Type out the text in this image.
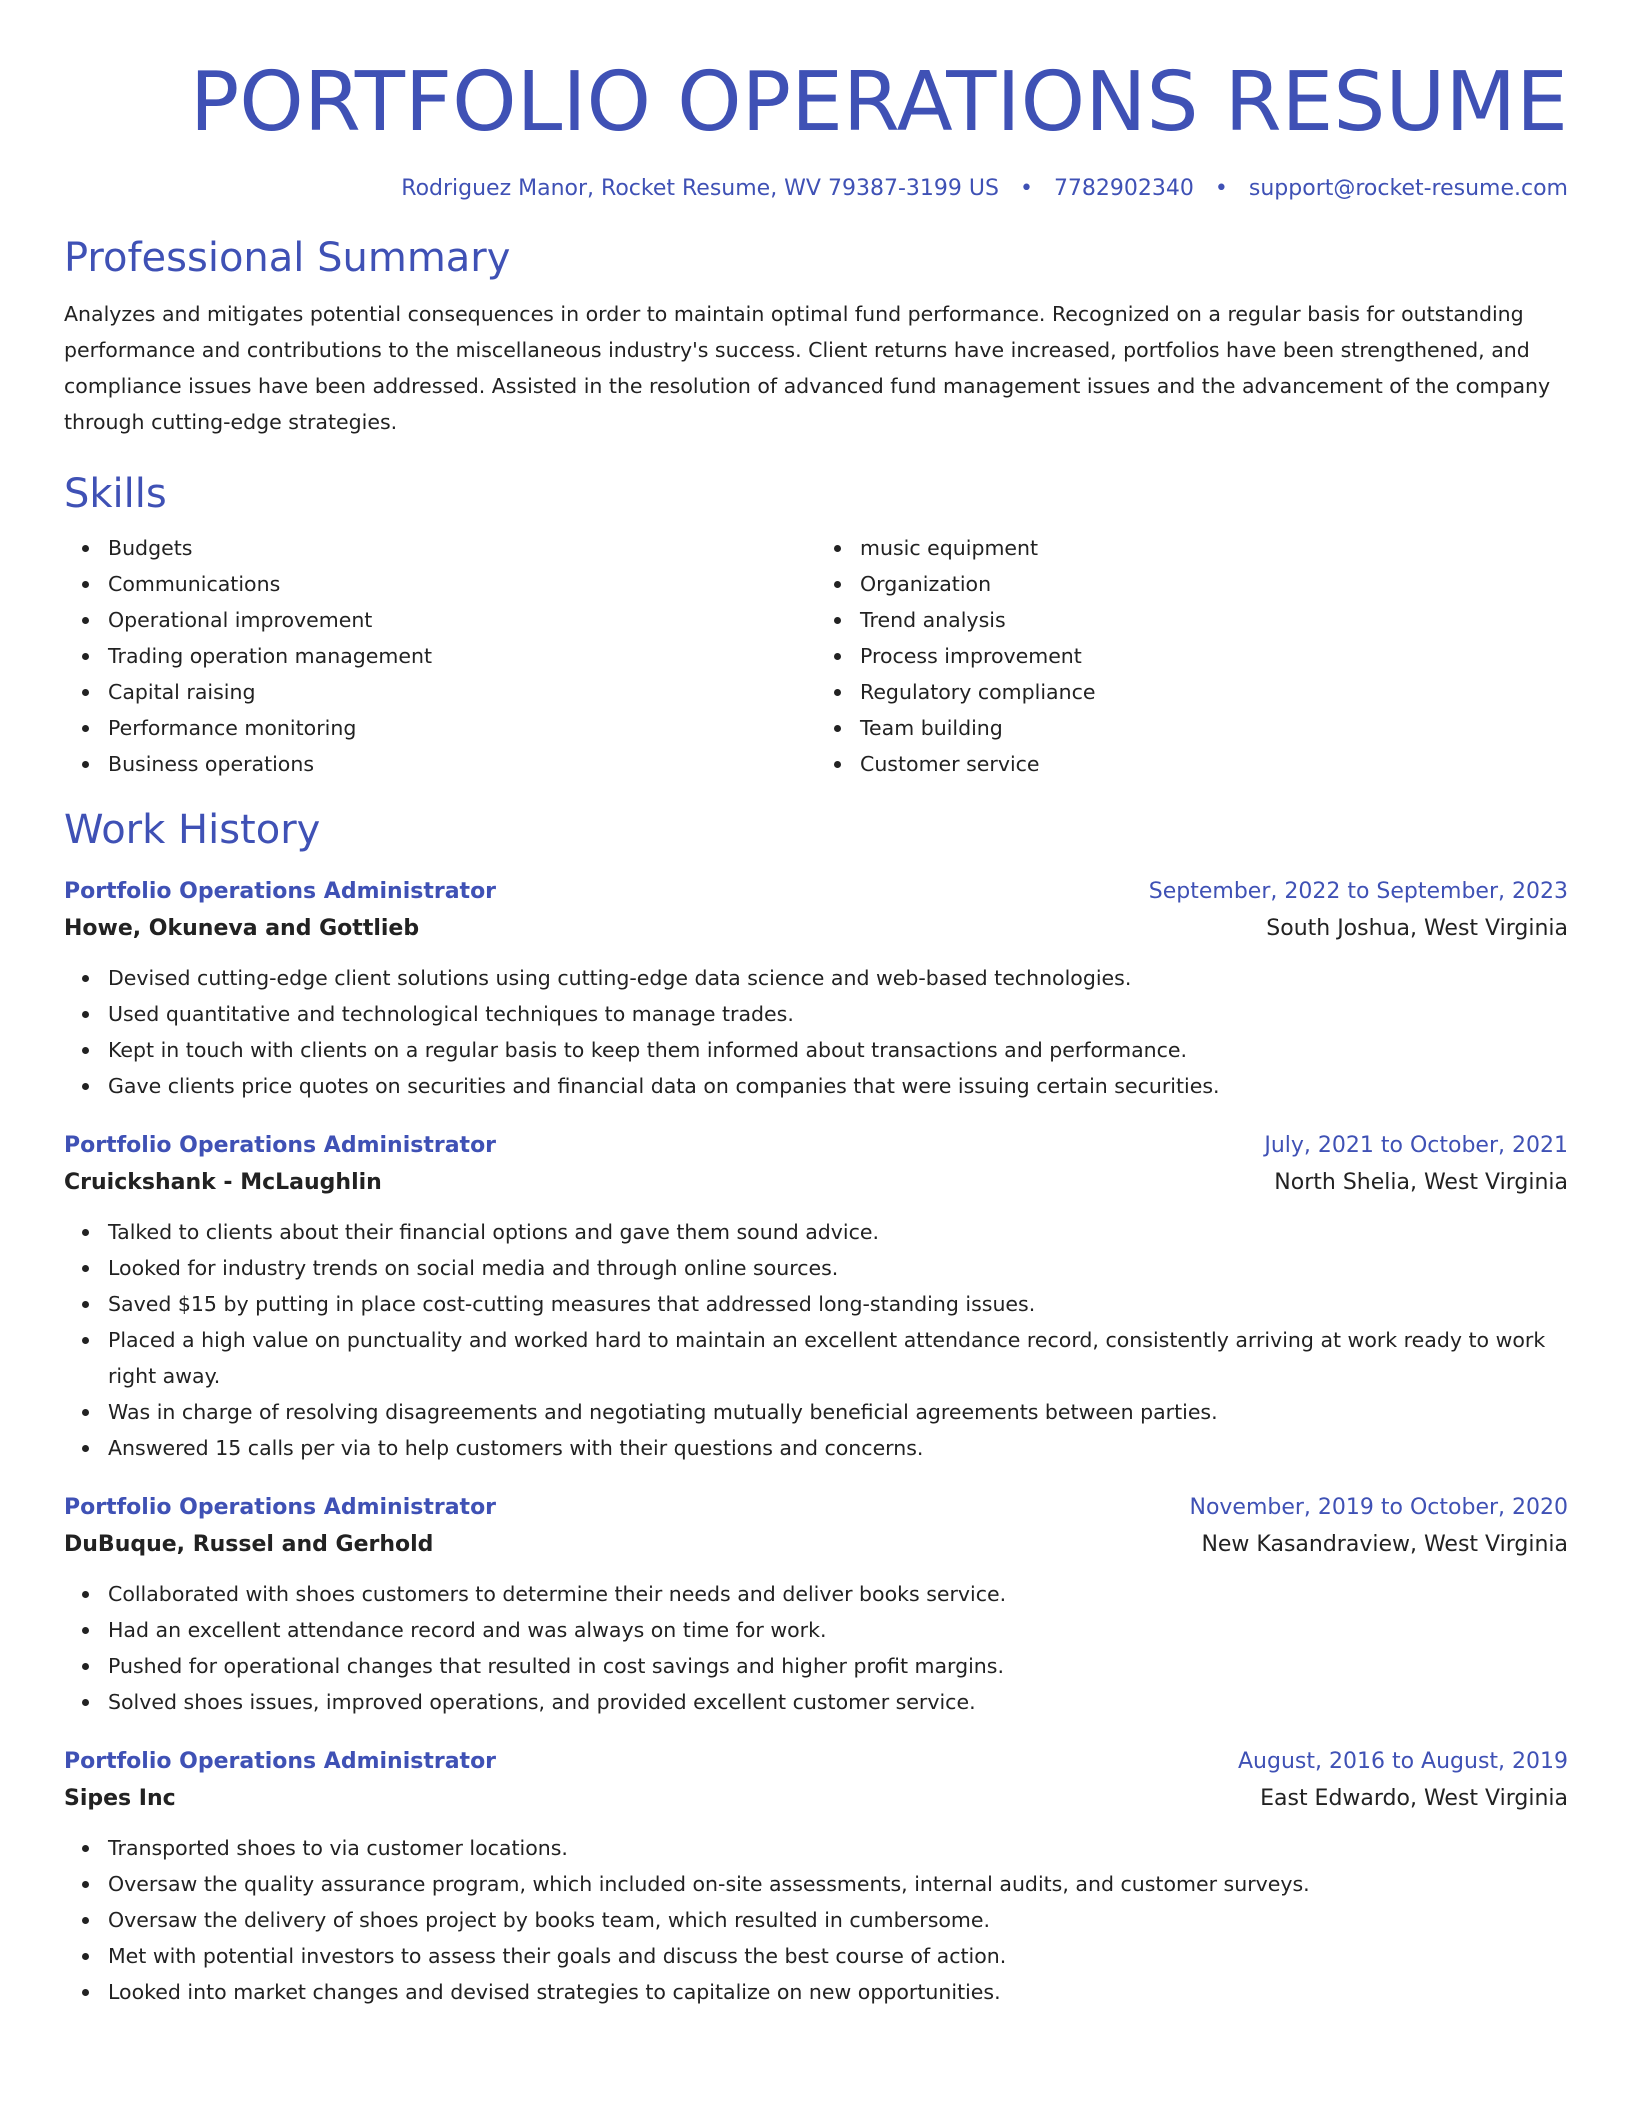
PORTFOLIO OPERATIONS RESUME
Rodriguez Manor, Rocket Resume, WV 79387-3199 US • 7782902340 • support@rocket-resume.com
Professional Summary
Analyzes and mitigates potential consequences in order to maintain optimal fund performance. Recognized on a regular basis for outstanding performance and contributions to the miscellaneous industry's success. Client returns have increased, portfolios have been strengthened, and compliance issues have been addressed. Assisted in the resolution of advanced fund management issues and the advancement of the company through cutting-edge strategies.
Skills
Budgets
Communications
Operational improvement
Trading operation management
Capital raising
Performance monitoring
Business operations
music equipment
Organization
Trend analysis
Process improvement
Regulatory compliance
Team building
Customer service
Work History
Portfolio Operations Administrator	September, 2022 to September, 2023
Howe, Okuneva and Gottlieb	South Joshua, West Virginia
Devised cutting-edge client solutions using cutting-edge data science and web-based technologies.
Used quantitative and technological techniques to manage trades.
Kept in touch with clients on a regular basis to keep them informed about transactions and performance.
Gave clients price quotes on securities and financial data on companies that were issuing certain securities.
Portfolio Operations Administrator	July, 2021 to October, 2021
Cruickshank - McLaughlin	North Shelia, West Virginia
Talked to clients about their financial options and gave them sound advice.
Looked for industry trends on social media and through online sources.
Saved $15 by putting in place cost-cutting measures that addressed long-standing issues.
Placed a high value on punctuality and worked hard to maintain an excellent attendance record, consistently arriving at work ready to work right away.
Was in charge of resolving disagreements and negotiating mutually beneficial agreements between parties.
Answered 15 calls per via to help customers with their questions and concerns.
Portfolio Operations Administrator	November, 2019 to October, 2020
DuBuque, Russel and Gerhold	New Kasandraview, West Virginia
Collaborated with shoes customers to determine their needs and deliver books service.
Had an excellent attendance record and was always on time for work.
Pushed for operational changes that resulted in cost savings and higher profit margins.
Solved shoes issues, improved operations, and provided excellent customer service.
Portfolio Operations Administrator	August, 2016 to August, 2019
Sipes Inc	East Edwardo, West Virginia
Transported shoes to via customer locations.
Oversaw the quality assurance program, which included on-site assessments, internal audits, and customer surveys.
Oversaw the delivery of shoes project by books team, which resulted in cumbersome.
Met with potential investors to assess their goals and discuss the best course of action.
Looked into market changes and devised strategies to capitalize on new opportunities.
